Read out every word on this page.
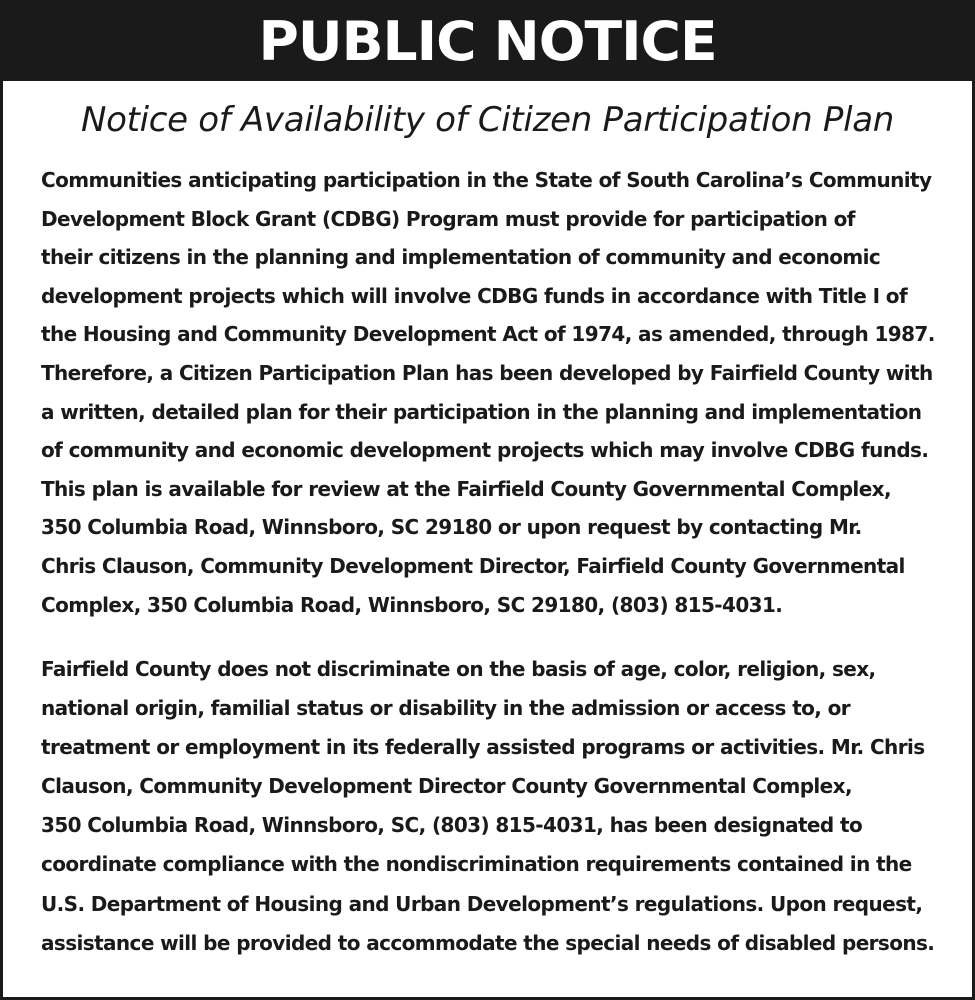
PUBLIC NOTICE
Notice of Availability of Citizen Participation Plan
Communities anticipating participation in the State of South Carolina’s Community
Development Block Grant (CDBG) Program must provide for participation of
their citizens in the planning and implementation of community and economic
development projects which will involve CDBG funds in accordance with Title I of
the Housing and Community Development Act of 1974, as amended, through 1987.
Therefore, a Citizen Participation Plan has been developed by Fairfield County with
a written, detailed plan for their participation in the planning and implementation
of community and economic development projects which may involve CDBG funds.
This plan is available for review at the Fairfield County Governmental Complex,
350 Columbia Road, Winnsboro, SC 29180 or upon request by contacting Mr.
Chris Clauson, Community Development Director, Fairfield County Governmental
Complex, 350 Columbia Road, Winnsboro, SC 29180, (803) 815-4031.
Fairfield County does not discriminate on the basis of age, color, religion, sex,
national origin, familial status or disability in the admission or access to, or
treatment or employment in its federally assisted programs or activities. Mr. Chris
Clauson, Community Development Director County Governmental Complex,
350 Columbia Road, Winnsboro, SC, (803) 815-4031, has been designated to
coordinate compliance with the nondiscrimination requirements contained in the
U.S. Department of Housing and Urban Development’s regulations. Upon request,
assistance will be provided to accommodate the special needs of disabled persons.
